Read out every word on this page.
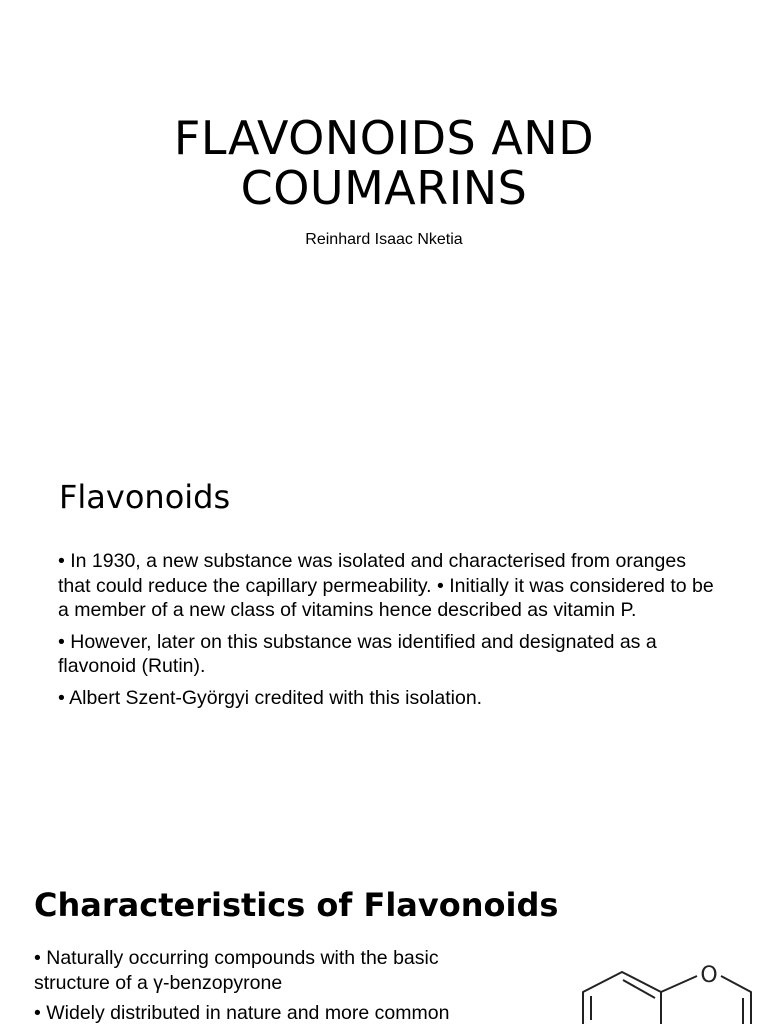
FLAVONOIDS AND
COUMARINS
Reinhard Isaac Nketia
Flavonoids

• In 1930, a new substance was isolated and characterised from oranges that could reduce the capillary permeability. • Initially it was considered to be a member of a new class of vitamins hence described as vitamin P.

• However, later on this substance was identified and designated as a flavonoid (Rutin).

• Albert Szent-Györgyi credited with this isolation.

Characteristics of Flavonoids

• Naturally occurring compounds with the basic structure of a γ-benzopyrone

• Widely distributed in nature and more common

O
